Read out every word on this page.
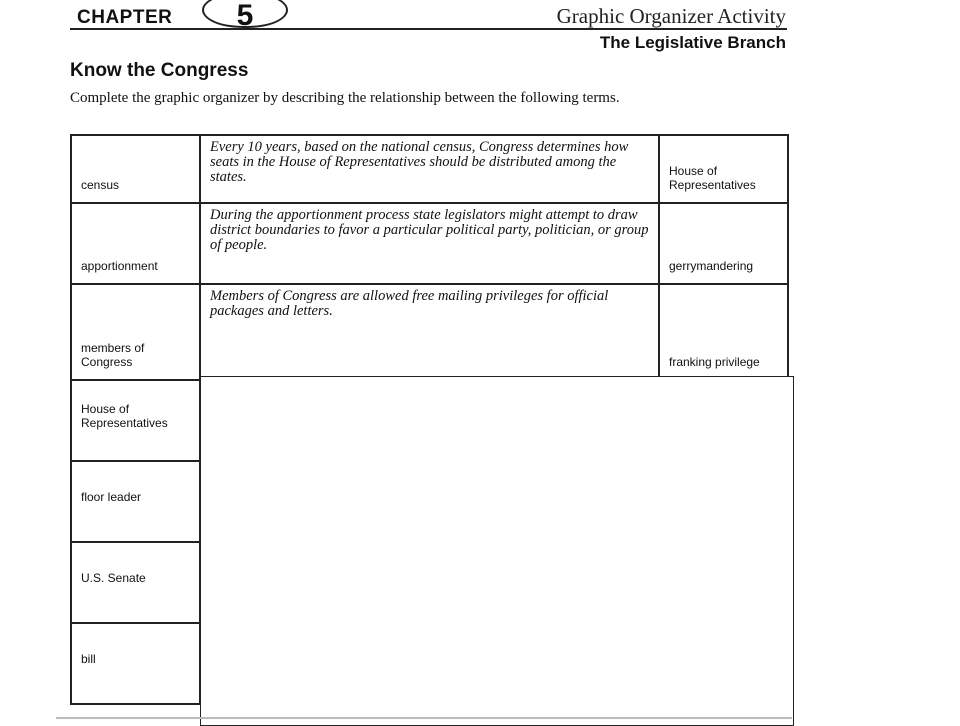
CHAPTER 5	Graphic Organizer Activity
The Legislative Branch
Know the Congress
Complete the graphic organizer by describing the relationship between the following terms.
census	Every 10 years, based on the national census, Congress determines how seats in the House of Representatives should be distributed among the states.	House of Representatives
apportionment	During the apportionment process state legislators might attempt to draw district boundaries to favor a particular political party, politician, or group of people.	gerrymandering
members of Congress	Members of Congress are allowed free mailing privileges for official packages and letters.	franking privilege
House of Representatives		
floor leader		
U.S. Senate		
bill		
